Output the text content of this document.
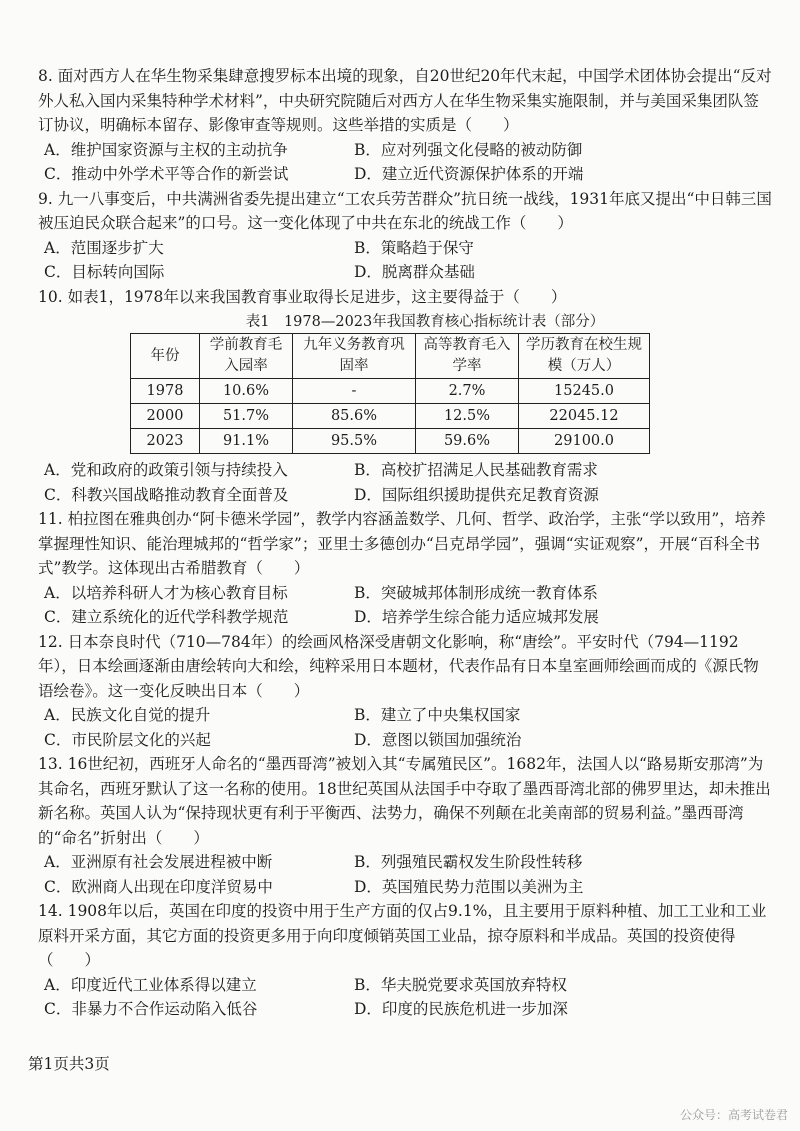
8. 面对西方人在华生物采集肆意搜罗标本出境的现象，自20世纪20年代末起，中国学术团体协会提出“反对外人私入国内采集特种学术材料”，中央研究院随后对西方人在华生物采集实施限制，并与美国采集团队签订协议，明确标本留存、影像审查等规则。这些举措的实质是（　　）
A．维护国家资源与主权的主动抗争	B．应对列强文化侵略的被动防御
C．推动中外学术平等合作的新尝试	D．建立近代资源保护体系的开端
9. 九一八事变后，中共满洲省委先提出建立“工农兵劳苦群众”抗日统一战线，1931年底又提出“中日韩三国被压迫民众联合起来”的口号。这一变化体现了中共在东北的统战工作（　　）
A．范围逐步扩大	B．策略趋于保守
C．目标转向国际	D．脱离群众基础
10. 如表1，1978年以来我国教育事业取得长足进步，这主要得益于（　　）
表1　1978—2023年我国教育核心指标统计表（部分）
年份	学前教育毛入园率	九年义务教育巩固率	高等教育毛入学率	学历教育在校生规模（万人）
1978	10.6%	-	2.7%	15245.0
2000	51.7%	85.6%	12.5%	22045.12
2023	91.1%	95.5%	59.6%	29100.0
A．党和政府的政策引领与持续投入	B．高校扩招满足人民基础教育需求
C．科教兴国战略推动教育全面普及	D．国际组织援助提供充足教育资源
11. 柏拉图在雅典创办“阿卡德米学园”，教学内容涵盖数学、几何、哲学、政治学，主张“学以致用”，培养掌握理性知识、能治理城邦的“哲学家”；亚里士多德创办“吕克昂学园”，强调“实证观察”，开展“百科全书式”教学。这体现出古希腊教育（　　）
A．以培养科研人才为核心教育目标	B．突破城邦体制形成统一教育体系
C．建立系统化的近代学科教学规范	D．培养学生综合能力适应城邦发展
12. 日本奈良时代（710—784年）的绘画风格深受唐朝文化影响，称“唐绘”。平安时代（794—1192年），日本绘画逐渐由唐绘转向大和绘，纯粹采用日本题材，代表作品有日本皇室画师绘画而成的《源氏物语绘卷》。这一变化反映出日本（　　）
A．民族文化自觉的提升	B．建立了中央集权国家
C．市民阶层文化的兴起	D．意图以锁国加强统治
13. 16世纪初，西班牙人命名的“墨西哥湾”被划入其“专属殖民区”。1682年，法国人以“路易斯安那湾”为其命名，西班牙默认了这一名称的使用。18世纪英国从法国手中夺取了墨西哥湾北部的佛罗里达，却未推出新名称。英国人认为“保持现状更有利于平衡西、法势力，确保不列颠在北美南部的贸易利益。”墨西哥湾的“命名”折射出（　　）
A．亚洲原有社会发展进程被中断	B．列强殖民霸权发生阶段性转移
C．欧洲商人出现在印度洋贸易中	D．英国殖民势力范围以美洲为主
14. 1908年以后，英国在印度的投资中用于生产方面的仅占9.1%，且主要用于原料种植、加工工业和工业原料开采方面，其它方面的投资更多用于向印度倾销英国工业品，掠夺原料和半成品。英国的投资使得（　　）
A．印度近代工业体系得以建立	B．华夫脱党要求英国放弃特权
C．非暴力不合作运动陷入低谷	D．印度的民族危机进一步加深
第1页共3页
公众号：高考试卷君
